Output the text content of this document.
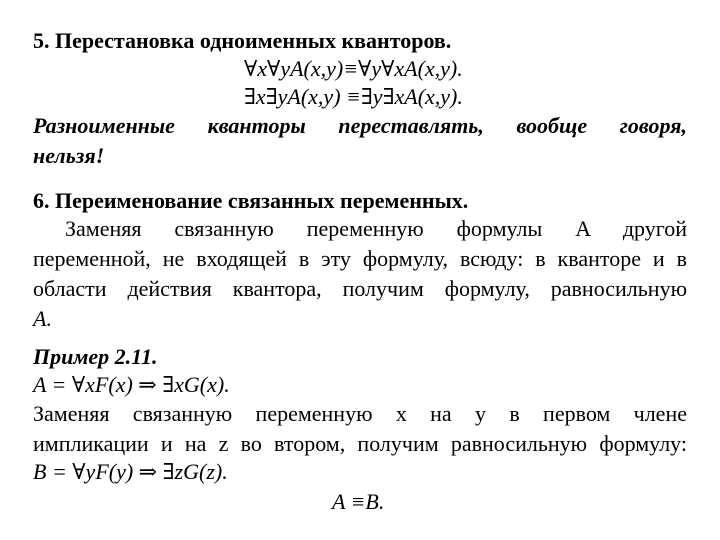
5. Перестановка одноименных кванторов.
∀x∀yA(x,y)≡∀y∀xA(x,y).
∃x∃yA(x,y) ≡∃y∃xA(x,y).
Разноименные кванторы переставлять, вообще говоря,
нельзя!
6. Переименование связанных переменных.
Заменяя связанную переменную формулы A другой
переменной, не входящей в эту формулу, всюду: в кванторе и в
области действия квантора, получим формулу, равносильную
A.
Пример 2.11.
A = ∀xF(x) ⇒ ∃xG(x).
Заменяя связанную переменную x на y в первом члене
импликации и на z во втором, получим равносильную формулу:
B = ∀yF(y) ⇒ ∃zG(z).
A ≡B.
